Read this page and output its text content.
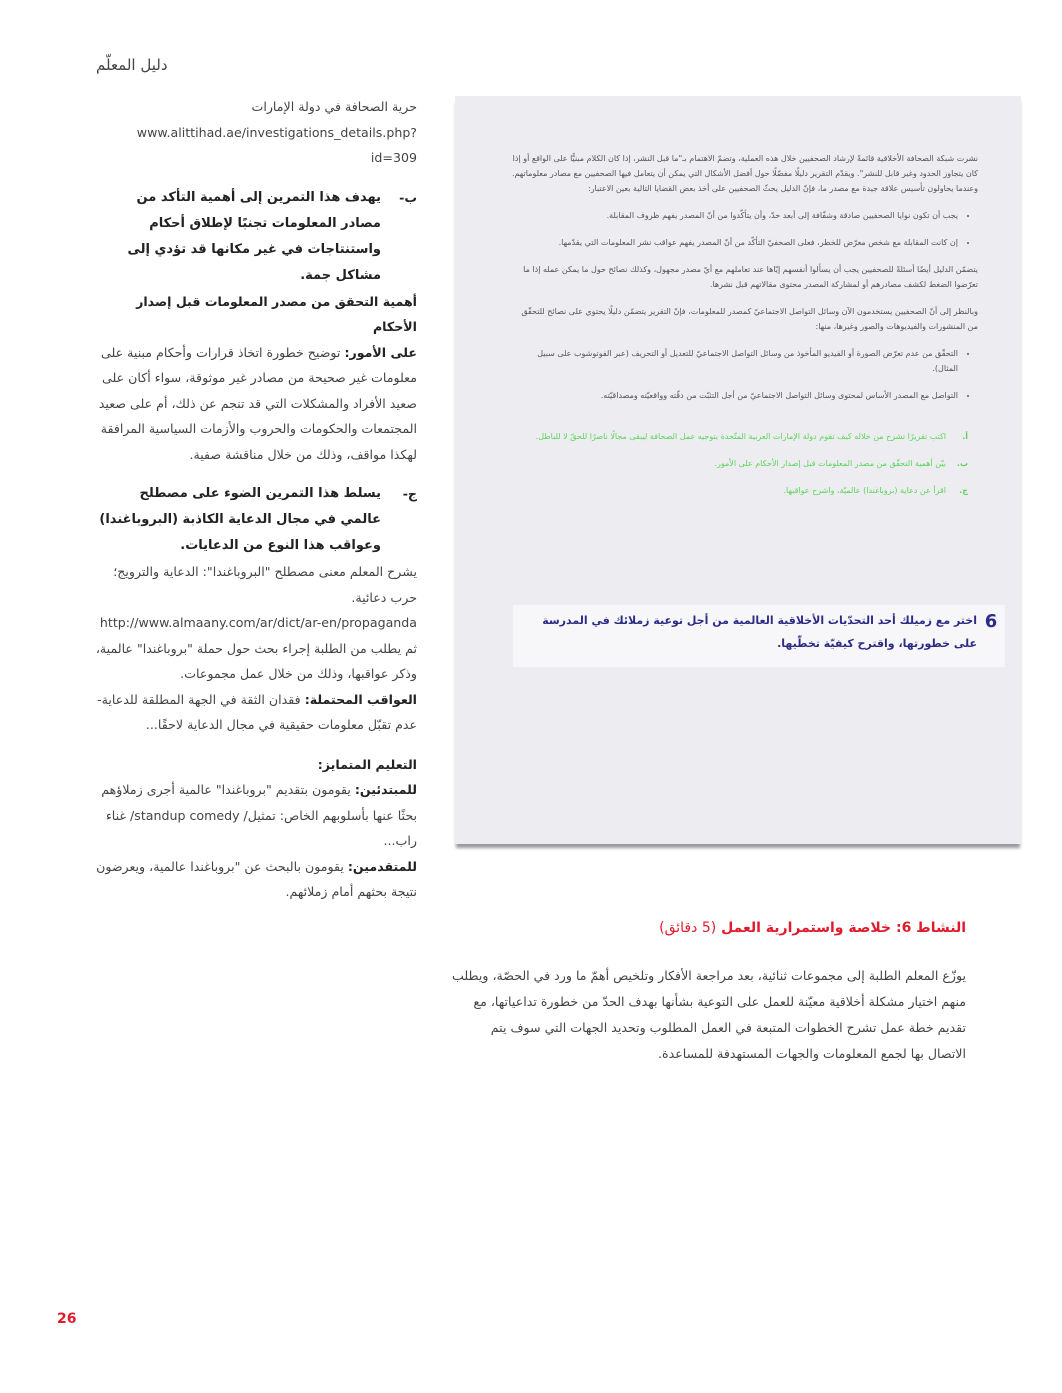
دليل المعلّم

حرية الصحافة في دولة الإمارات

www.alittihad.ae/investigations_details.php?id=309

ب-
يهدف هذا التمرين إلى أهمية التأكد من مصادر المعلومات تجنبًا لإطلاق أحكام واستنتاجات في غير مكانها قد تؤدي إلى مشاكل جمة.

أهمية التحقق من مصدر المعلومات قبل إصدار الأحكام

على الأمور: توضيح خطورة اتخاذ قرارات وأحكام مبنية على معلومات غير صحيحة من مصادر غير موثوقة، سواء أكان على صعيد الأفراد والمشكلات التي قد تنجم عن ذلك، أم على صعيد المجتمعات والحكومات والحروب والأزمات السياسية المرافقة لهكذا مواقف، وذلك من خلال مناقشة صفية.

ج-
يسلط هذا التمرين الضوء على مصطلح عالمي في مجال الدعاية الكاذبة (البروباغندا) وعواقب هذا النوع من الدعايات.

يشرح المعلم معنى مصطلح "البروباغندا": الدعاية والترويج؛ حرب دعائية.

http://www.almaany.com/ar/dict/ar-en/propaganda

ثم يطلب من الطلبة إجراء بحث حول حملة "بروباغندا" عالمية، وذكر عواقبها، وذلك من خلال عمل مجموعات.

العواقب المحتملة: فقدان الثقة في الجهة المطلقة للدعاية- عدم تقبّل معلومات حقيقية في مجال الدعاية لاحقًا...

التعليم المتمايز:

للمبتدئين: يقومون بتقديم "بروباغندا" عالمية أجرى زملاؤهم بحثًا عنها بأسلوبهم الخاص: تمثيل/ standup comedy/ غناء راب...

للمتقدمين: يقومون بالبحث عن "بروباغندا عالمية، ويعرضون نتيجة بحثهم أمام زملائهم.

نشرت شبكة الصحافة الأخلاقية قائمةً لإرشاد الصحفيين خلال هذه العملية، وتضمّ الاهتمام بـ"ما قبل النشر، إذا كان الكلام مبنيًّا على الواقع أو إذا كان يتجاوز الحدود وغير قابل للنشر". ويقدّم التقرير دليلًا مفصّلًا حول أفضل الأشكال التي يمكن أن يتعامل فيها الصحفيين مع مصادر معلوماتهم. وعندما يحاولون تأسيس علاقة جيدة مع مصدر ما، فإنّ الدليل يحثّ الصحفيين على أخذ بعض القضايا التالية بعين الاعتبار:

• يجب أن تكون نوايا الصحفيين صادقة وشفّافة إلى أبعد حدّ، وأن يتأكّدوا من أنّ المصدر يفهم ظروف المقابلة.
• إن كانت المقابلة مع شخص معرّض للخطر، فعلى الصحفيّ التأكّد من أنّ المصدر يفهم عواقب نشر المعلومات التي يقدّمها.

يتضمّن الدليل أيضًا أسئلةً للصحفيين يجب أن يسألوا أنفسهم إيّاها عند تعاملهم مع أيّ مصدر مجهول، وكذلك نصائح حول ما يمكن عمله إذا ما تعرّضوا الضغط لكشف مصادرهم أو لمشاركة المصدر محتوى مقالاتهم قبل نشرها.

وبالنظر إلى أنّ الصحفيين يستخدمون الآن وسائل التواصل الاجتماعيّ كمصدر للمعلومات، فإنّ التقرير يتضمّن دليلًا يحتوي على نصائح للتحقّق من المنشورات والفيديوهات والصور وغيرها، منها:

• التحقّق من عدم تعرّض الصورة أو الفيديو المأخوذ من وسائل التواصل الاجتماعيّ للتعديل أو التحريف (عبر الفوتوشوب على سبيل المثال).
• التواصل مع المصدر الأساس لمحتوى وسائل التواصل الاجتماعيّ من أجل التثبّت من دقّته وواقعيّته ومصداقيّته.
أ.
اكتب تقريرًا تشرح من خلاله كيف تقوم دولة الإمارات العربية المتّحدة بتوجيه عمل الصحافة ليبقى مجالًا ناصرًا للحقّ لا للباطل.
ب.
بيّن أهمية التحقّق من مصدر المعلومات قبل إصدار الأحكام على الأمور.
ج.
اقرأ عن دعاية (بروباغندا) عالميّة، واشرح عواقبها.
6
اختر مع زميلك أحد التحدّيات الأخلاقية العالمية من أجل توعية زملائك في المدرسة على خطورتها، واقترح كيفيّة تخطّيها.
النشاط 6: خلاصة واستمرارية العمل (5 دقائق)

يوزّع المعلم الطلبة إلى مجموعات ثنائية، بعد مراجعة الأفكار وتلخيص أهمّ ما ورد في الحصّة، ويطلب منهم اختيار مشكلة أخلاقية معيّنة للعمل على التوعية بشأنها بهدف الحدّ من خطورة تداعياتها، مع تقديم خطة عمل تشرح الخطوات المتبعة في العمل المطلوب وتحديد الجهات التي سوف يتم الاتصال بها لجمع المعلومات والجهات المستهدفة للمساعدة.

26
